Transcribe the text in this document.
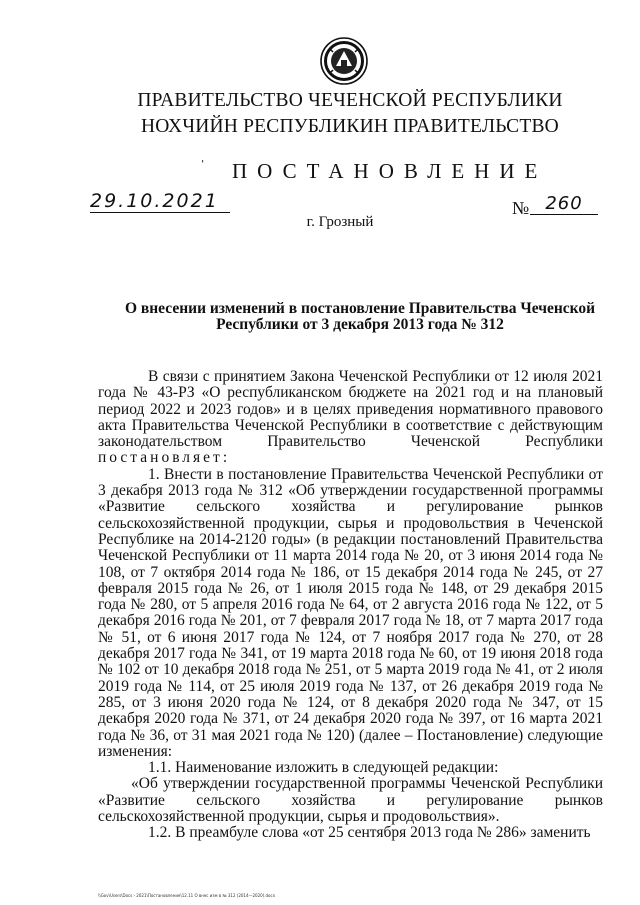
ПРАВИТЕЛЬСТВО ЧЕЧЕНСКОЙ РЕСПУБЛИКИ
НОХЧИЙН РЕСПУБЛИКИН ПРАВИТЕЛЬСТВО
ˈ ПОСТАНОВЛЕНИЕ
29.10.2021	№ 260
г. Грозный
О внесении изменений в постановление Правительства Чеченской Республики от 3 декабря 2013 года № 312

В связи с принятием Закона Чеченской Республики от 12 июля 2021 года № 43-РЗ «О республиканском бюджете на 2021 год и на плановый период 2022 и 2023 годов» и в целях приведения нормативного правового акта Правительства Чеченской Республики в соответствие с действующим законодательством Правительство Чеченской Республики постановляет:

1. Внести в постановление Правительства Чеченской Республики от 3 декабря 2013 года № 312 «Об утверждении государственной программы «Развитие сельского хозяйства и регулирование рынков сельскохозяйственной продукции, сырья и продовольствия в Чеченской Республике на 2014-2120 годы» (в редакции постановлений Правительства Чеченской Республики от 11 марта 2014 года № 20, от 3 июня 2014 года № 108, от 7 октября 2014 года № 186, от 15 декабря 2014 года № 245, от 27 февраля 2015 года № 26, от 1 июля 2015 года № 148, от 29 декабря 2015 года № 280, от 5 апреля 2016 года № 64, от 2 августа 2016 года № 122, от 5 декабря 2016 года № 201, от 7 февраля 2017 года № 18, от 7 марта 2017 года № 51, от 6 июня 2017 года № 124, от 7 ноября 2017 года № 270, от 28 декабря 2017 года № 341, от 19 марта 2018 года № 60, от 19 июня 2018 года № 102 от 10 декабря 2018 года № 251, от 5 марта 2019 года № 41, от 2 июля 2019 года № 114, от 25 июля 2019 года № 137, от 26 декабря 2019 года № 285, от 3 июня 2020 года № 124, от 8 декабря 2020 года № 347, от 15 декабря 2020 года № 371, от 24 декабря 2020 года № 397, от 16 марта 2021 года № 36, от 31 мая 2021 года № 120) (далее – Постановление) следующие изменения:

1.1. Наименование изложить в следующей редакции:

«Об утверждении государственной программы Чеченской Республики «Развитие сельского хозяйства и регулирование рынков сельскохозяйственной продукции, сырья и продовольствия».

1.2. В преамбуле слова «от 25 сентября 2013 года № 286» заменить

\\Gov\Users\Docs - 2021\Постановление\12.11 О внес изм в № 312 (2014—2020).docx
